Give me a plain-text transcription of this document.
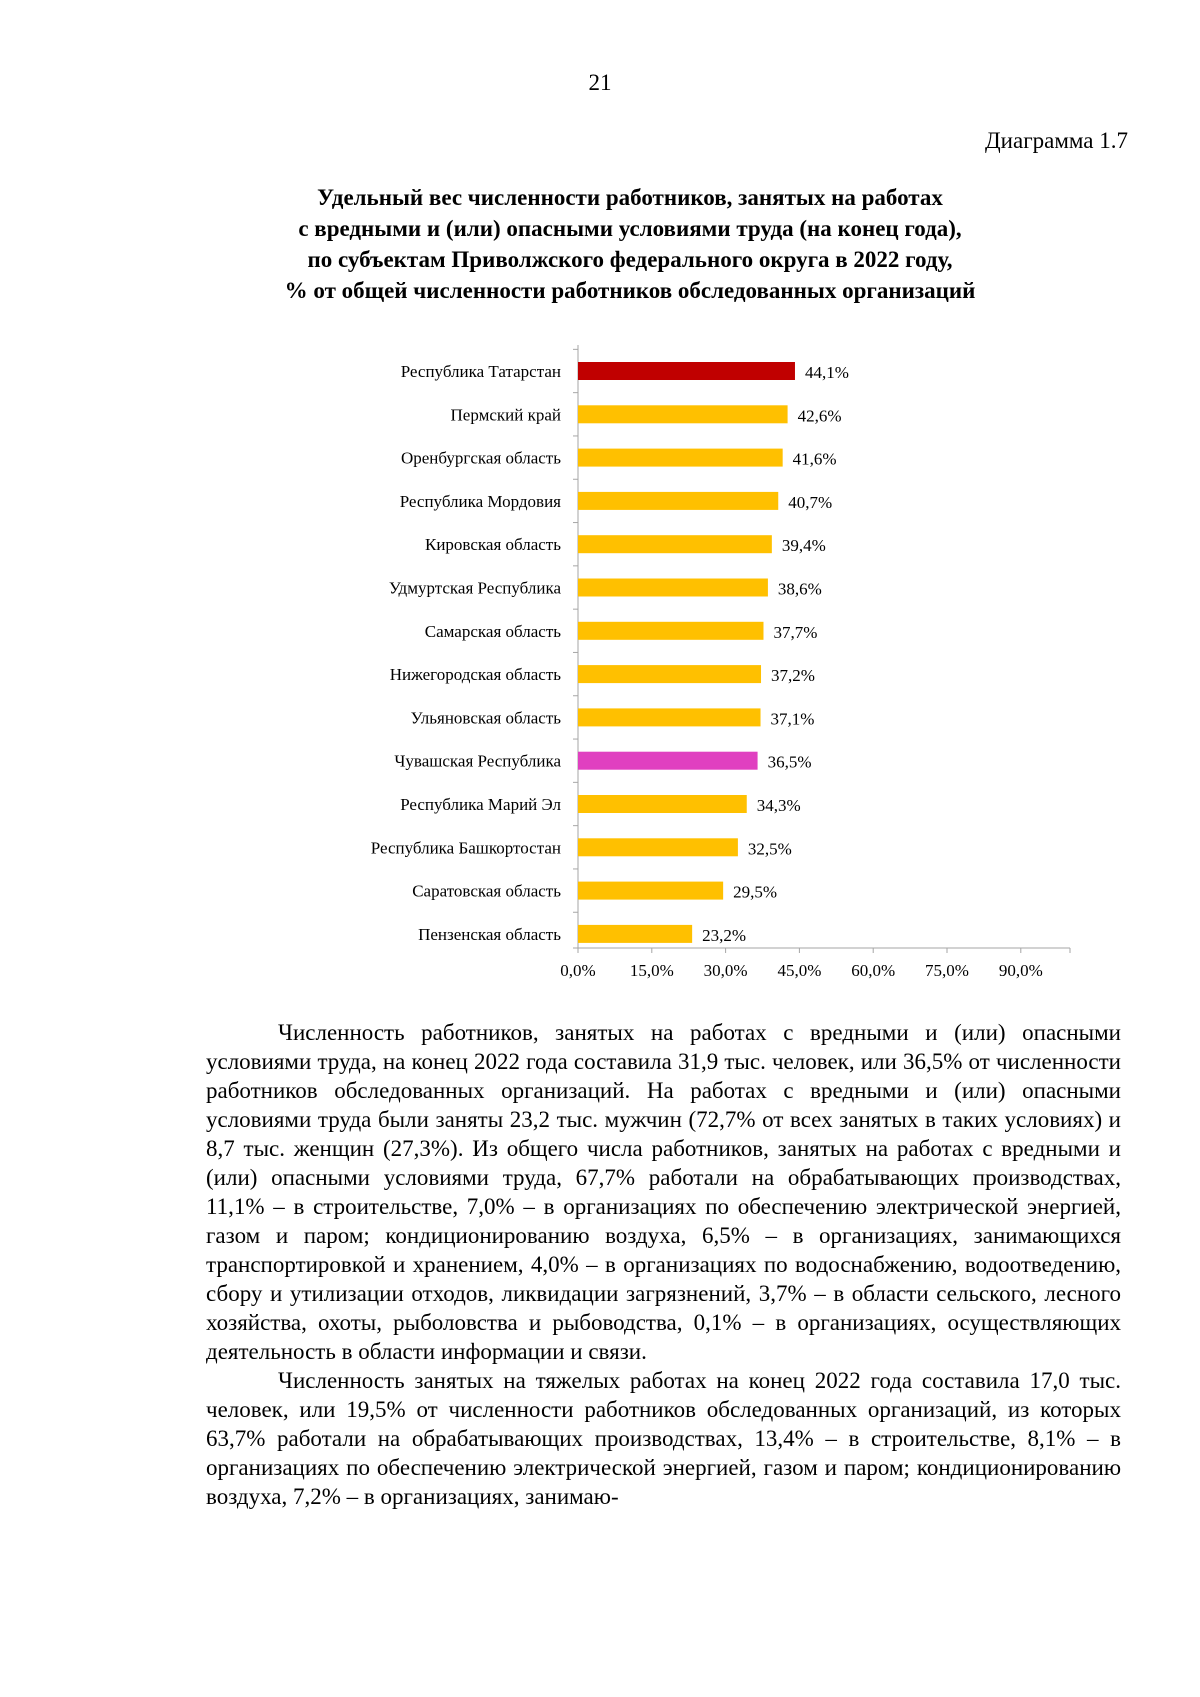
21
Диаграмма 1.7
Удельный вес численности работников, занятых на работах
с вредными и (или) опасными условиями труда (на конец года),
по субъектам Приволжского федерального округа в 2022 году,
% от общей численности работников обследованных организаций
Республика Татарстан	44,1%
Пермский край	42,6%
Оренбургская область	41,6%
Республика Мордовия	40,7%
Кировская область	39,4%
Удмуртская Республика	38,6%
Самарская область	37,7%
Нижегородская область	37,2%
Ульяновская область	37,1%
Чувашская Республика	36,5%
Республика Марий Эл	34,3%
Республика Башкортостан	32,5%
Саратовская область	29,5%
Пензенская область	23,2%
0,0% 15,0% 30,0% 45,0% 60,0% 75,0% 90,0%

Численность работников, занятых на работах с вредными и (или) опасными условиями труда, на конец 2022 года составила 31,9 тыс. человек, или 36,5% от численности работников обследованных организаций. На работах с вредными и (или) опасными условиями труда были заняты 23,2 тыс. мужчин (72,7% от всех занятых в таких условиях) и 8,7 тыс. женщин (27,3%). Из общего числа работников, занятых на работах с вредными и (или) опасными условиями труда, 67,7% работали на обрабатывающих производствах, 11,1% – в строительстве, 7,0% – в организациях по обеспечению электрической энергией, газом и паром; кондиционированию воздуха, 6,5% – в организациях, занимающихся транспортировкой и хранением, 4,0% – в организациях по водоснабжению, водоотведению, сбору и утилизации отходов, ликвидации загрязнений, 3,7% – в области сельского, лесного хозяйства, охоты, рыболовства и рыбоводства, 0,1% – в организациях, осуществляющих деятельность в области информации и связи.

Численность занятых на тяжелых работах на конец 2022 года составила 17,0 тыс. человек, или 19,5% от численности работников обследованных организаций, из которых 63,7% работали на обрабатывающих производствах, 13,4% – в строительстве, 8,1% – в организациях по обеспечению электрической энергией, газом и паром; кондиционированию воздуха, 7,2% – в организациях, занимаю-
